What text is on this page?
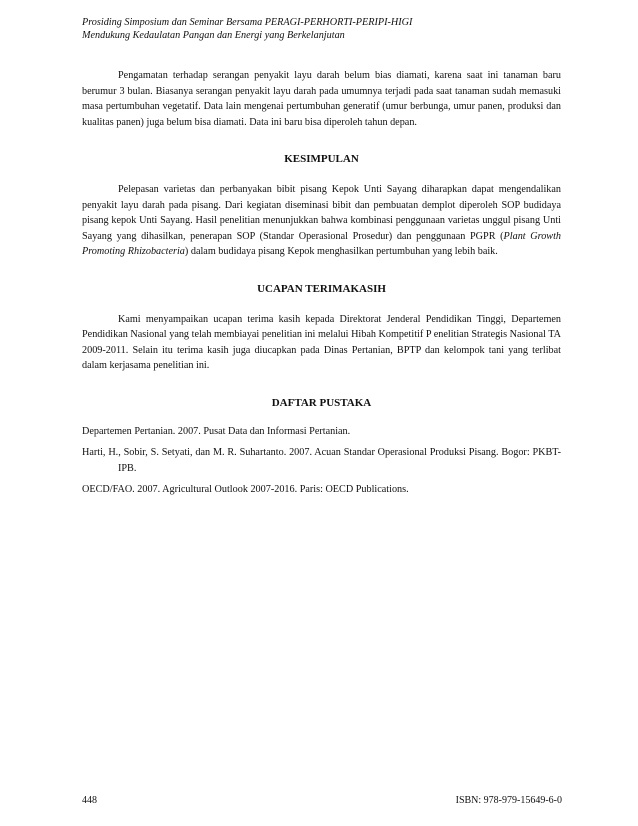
Prosiding Simposium dan Seminar Bersama PERAGI-PERHORTI-PERIPI-HIGI
Mendukung Kedaulatan Pangan dan Energi yang Berkelanjutan

Pengamatan terhadap serangan penyakit layu darah belum bias diamati, karena saat ini tanaman baru berumur 3 bulan. Biasanya serangan penyakit layu darah pada umumnya terjadi pada saat tanaman sudah memasuki masa pertumbuhan vegetatif. Data lain mengenai pertumbuhan generatif (umur berbunga, umur panen, produksi dan kualitas panen) juga belum bisa diamati. Data ini baru bisa diperoleh tahun depan.

KESIMPULAN

Pelepasan varietas dan perbanyakan bibit pisang Kepok Unti Sayang diharapkan dapat mengendalikan penyakit layu darah pada pisang. Dari kegiatan diseminasi bibit dan pembuatan demplot diperoleh SOP budidaya pisang kepok Unti Sayang. Hasil penelitian menunjukkan bahwa kombinasi penggunaan varietas unggul pisang Unti Sayang yang dihasilkan, penerapan SOP (Standar Operasional Prosedur) dan penggunaan PGPR (Plant Growth Promoting Rhizobacteria) dalam budidaya pisang Kepok menghasilkan pertumbuhan yang lebih baik.

UCAPAN TERIMAKASIH

Kami menyampaikan ucapan terima kasih kepada Direktorat Jenderal Pendidikan Tinggi, Departemen Pendidikan Nasional yang telah membiayai penelitian ini melalui Hibah Kompetitif P enelitian Strategis Nasional TA 2009-2011. Selain itu terima kasih juga diucapkan pada Dinas Pertanian, BPTP dan kelompok tani yang terlibat dalam kerjasama penelitian ini.

DAFTAR PUSTAKA

Departemen Pertanian. 2007. Pusat Data dan Informasi Pertanian.

Harti, H., Sobir, S. Setyati, dan M. R. Suhartanto. 2007. Acuan Standar Operasional Produksi Pisang. Bogor: PKBT-IPB.

OECD/FAO. 2007. Agricultural Outlook 2007-2016. Paris: OECD Publications.

448	ISBN: 978-979-15649-6-0
